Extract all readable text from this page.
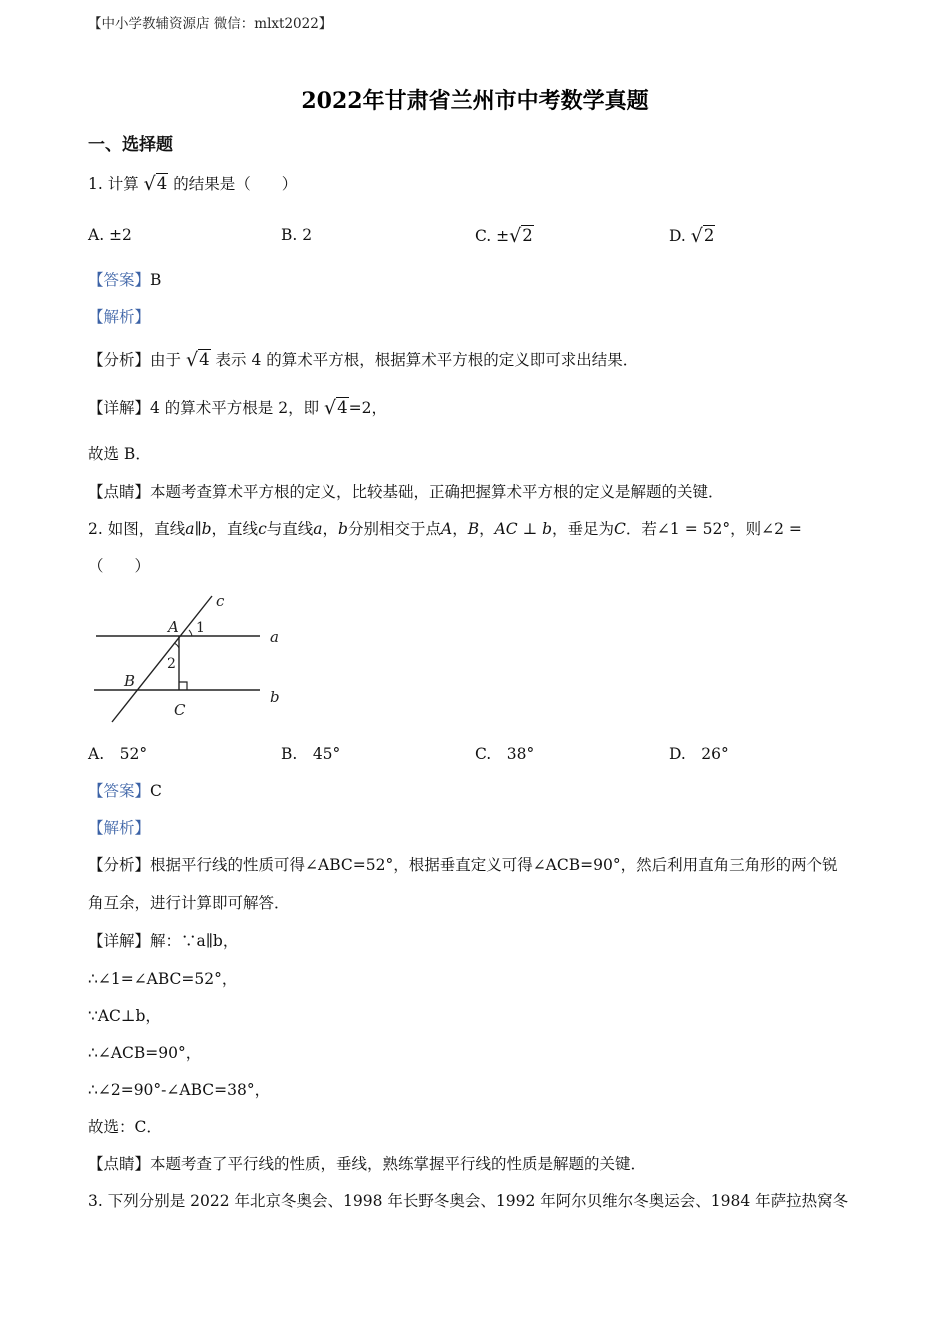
【中小学教辅资源店 微信：mlxt2022】
2022年甘肃省兰州市中考数学真题
一、选择题
1. 计算 √4 的结果是（　　）
A. ±2	B. 2	C. ±√2	D. √2
【答案】B
【解析】
【分析】由于 √4 表示 4 的算术平方根，根据算术平方根的定义即可求出结果．
【详解】4 的算术平方根是 2，即 √4=2，
故选 B．
【点睛】本题考查算术平方根的定义，比较基础，正确把握算术平方根的定义是解题的关键．
2. 如图，直线a∥b，直线c与直线a，b分别相交于点A，B，AC ⊥ b，垂足为C．若∠1 = 52°，则∠2 =
（　　）
c
A
a
B
b
C
1
2
A.　52°	B.　45°	C.　38°	D.　26°
【答案】C
【解析】
【分析】根据平行线的性质可得∠ABC=52°，根据垂直定义可得∠ACB=90°，然后利用直角三角形的两个锐
角互余，进行计算即可解答．
【详解】解：∵a∥b，
∴∠1=∠ABC=52°，
∵AC⊥b，
∴∠ACB=90°，
∴∠2=90°-∠ABC=38°，
故选：C．
【点睛】本题考查了平行线的性质，垂线，熟练掌握平行线的性质是解题的关键．
3. 下列分别是 2022 年北京冬奥会、1998 年长野冬奥会、1992 年阿尔贝维尔冬奥运会、1984 年萨拉热窝冬
